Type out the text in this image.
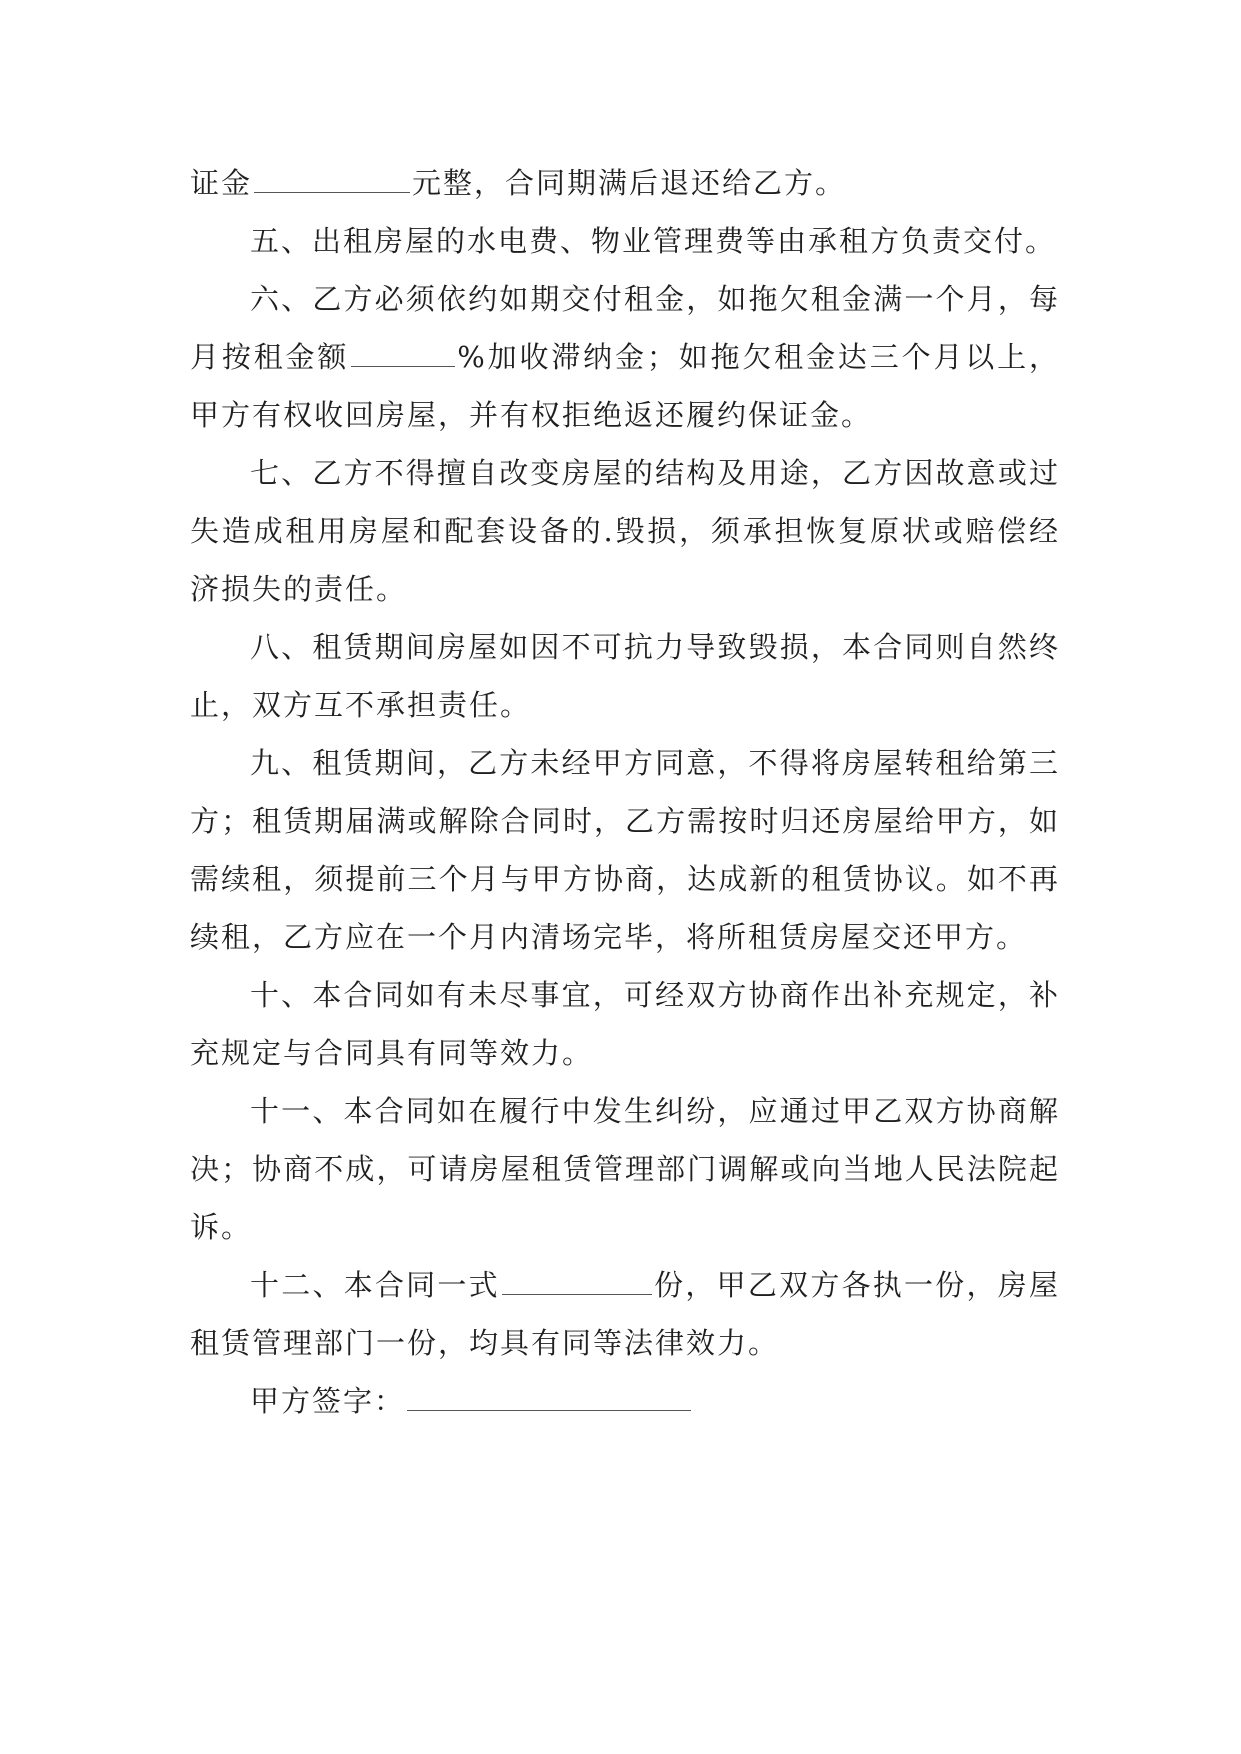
证金	元整，合同期满后退还给乙方。

五、出租房屋的水电费、物业管理费等由承租方负责交付。

六、乙方必须依约如期交付租金，如拖欠租金满一个月，每月按租金额	%加收滞纳金；如拖欠租金达三个月以上，甲方有权收回房屋，并有权拒绝返还履约保证金。

七、乙方不得擅自改变房屋的结构及用途，乙方因故意或过失造成租用房屋和配套设备的.毁损，须承担恢复原状或赔偿经济损失的责任。

八、租赁期间房屋如因不可抗力导致毁损，本合同则自然终止，双方互不承担责任。

九、租赁期间，乙方未经甲方同意，不得将房屋转租给第三方；租赁期届满或解除合同时，乙方需按时归还房屋给甲方，如需续租，须提前三个月与甲方协商，达成新的租赁协议。如不再续租，乙方应在一个月内清场完毕，将所租赁房屋交还甲方。

十、本合同如有未尽事宜，可经双方协商作出补充规定，补充规定与合同具有同等效力。

十一、本合同如在履行中发生纠纷，应通过甲乙双方协商解决；协商不成，可请房屋租赁管理部门调解或向当地人民法院起诉。

十二、本合同一式	份，甲乙双方各执一份，房屋租赁管理部门一份，均具有同等法律效力。

甲方签字：
